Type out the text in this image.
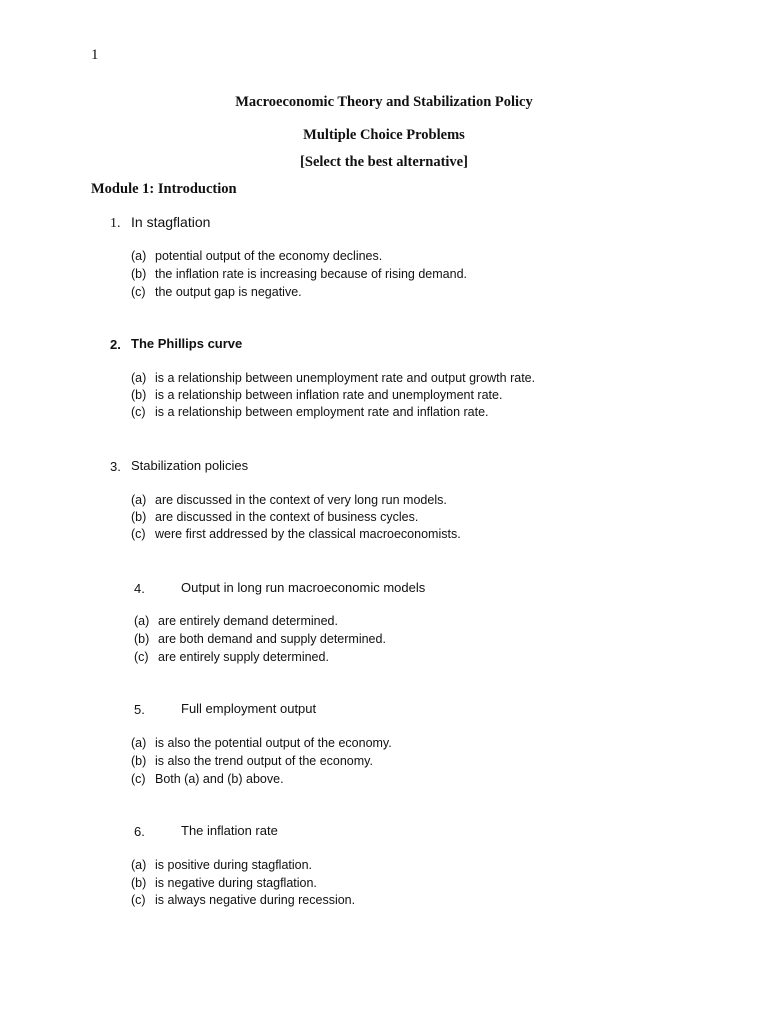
1
Macroeconomic Theory and Stabilization Policy
Multiple Choice Problems
[Select the best alternative]
Module 1: Introduction
1. In stagflation
(a) potential output of the economy declines.
(b) the inflation rate is increasing because of rising demand.
(c) the output gap is negative.
2. The Phillips curve
(a) is a relationship between unemployment rate and output growth rate.
(b) is a relationship between inflation rate and unemployment rate.
(c) is a relationship between employment rate and inflation rate.
3. Stabilization policies
(a) are discussed in the context of very long run models.
(b) are discussed in the context of business cycles.
(c) were first addressed by the classical macroeconomists.
4.	Output in long run macroeconomic models
(a) are entirely demand determined.
(b) are both demand and supply determined.
(c) are entirely supply determined.
5.	Full employment output
(a) is also the potential output of the economy.
(b) is also the trend output of the economy.
(c) Both (a) and (b) above.
6.	The inflation rate
(a) is positive during stagflation.
(b) is negative during stagflation.
(c) is always negative during recession.
